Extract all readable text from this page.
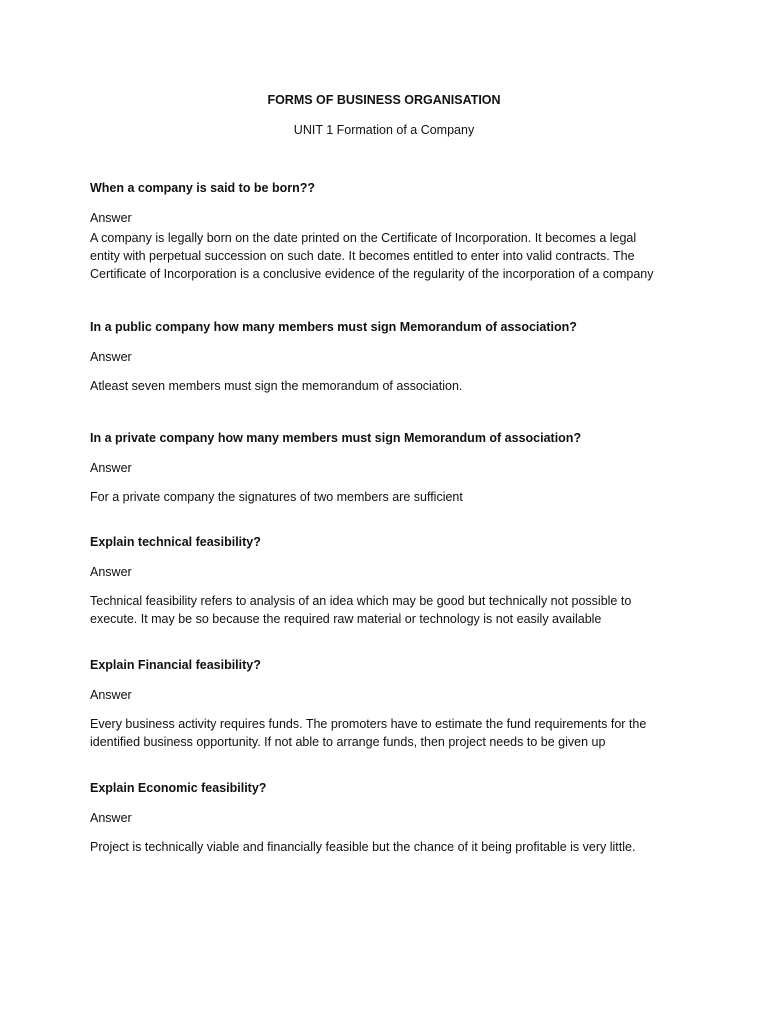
FORMS OF BUSINESS ORGANISATION
UNIT 1 Formation of a Company

When a company is said to be born??

Answer

A company is legally born on the date printed on the Certificate of Incorporation. It becomes a legal
entity with perpetual succession on such date. It becomes entitled to enter into valid contracts. The
Certificate of Incorporation is a conclusive evidence of the regularity of the incorporation of a company

In a public company how many members must sign Memorandum of association?

Answer

Atleast seven members must sign the memorandum of association.

In a private company how many members must sign Memorandum of association?

Answer

For a private company the signatures of two members are sufficient

Explain technical feasibility?

Answer

Technical feasibility refers to analysis of an idea which may be good but technically not possible to
execute. It may be so because the required raw material or technology is not easily available

Explain Financial feasibility?

Answer

Every business activity requires funds. The promoters have to estimate the fund requirements for the
identified business opportunity. If not able to arrange funds, then project needs to be given up

Explain Economic feasibility?

Answer

Project is technically viable and financially feasible but the chance of it being profitable is very little.
